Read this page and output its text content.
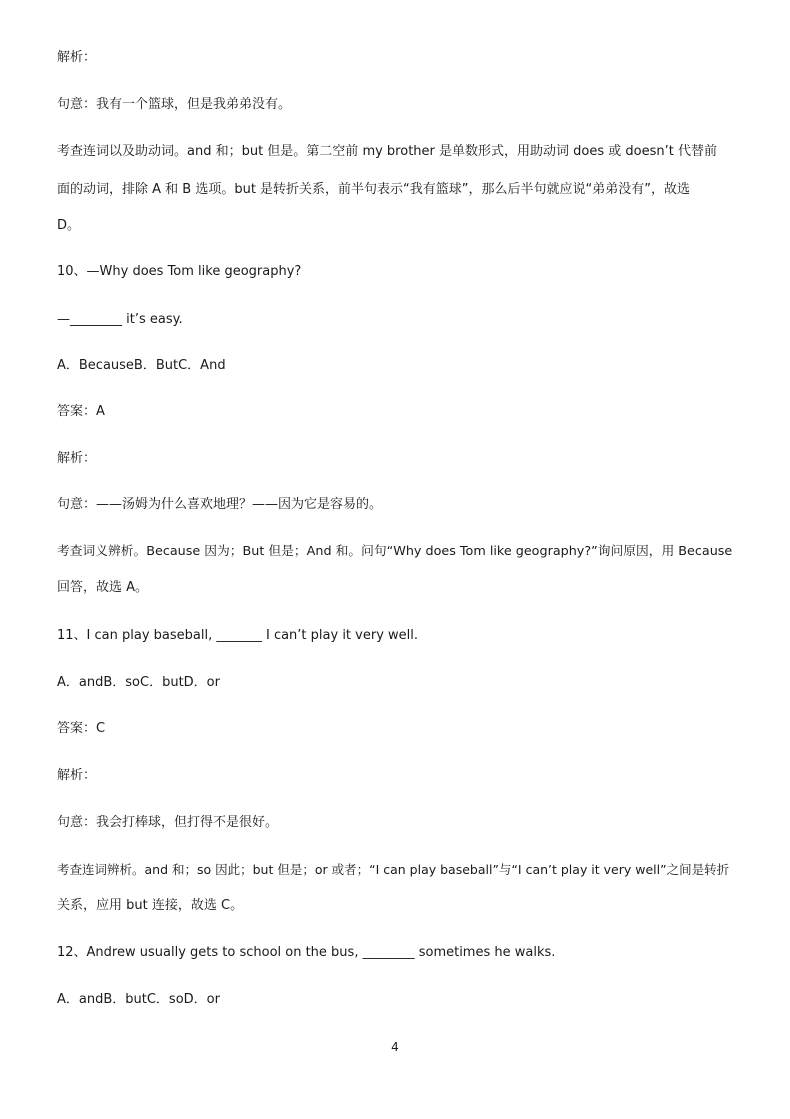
解析：
句意：我有一个篮球，但是我弟弟没有。
考查连词以及助动词。and 和；but 但是。第二空前 my brother 是单数形式，用助动词 does 或 doesn’t 代替前
面的动词，排除 A 和 B 选项。but 是转折关系，前半句表示“我有篮球”，那么后半句就应说“弟弟没有”，故选
D。
10、—Why does Tom like geography?
—________ it’s easy.
A．BecauseB．ButC．And
答案：A
解析：
句意：——汤姆为什么喜欢地理？——因为它是容易的。
考查词义辨析。Because 因为；But 但是；And 和。问句“Why does Tom like geography?”询问原因，用 Because
回答，故选 A。
11、I can play baseball, _______ I can’t play it very well.
A．andB．soC．butD．or
答案：C
解析：
句意：我会打棒球，但打得不是很好。
考查连词辨析。and 和；so 因此；but 但是；or 或者；“I can play baseball”与“I can’t play it very well”之间是转折
关系，应用 but 连接，故选 C。
12、Andrew usually gets to school on the bus, ________ sometimes he walks.
A．andB．butC．soD．or
4
